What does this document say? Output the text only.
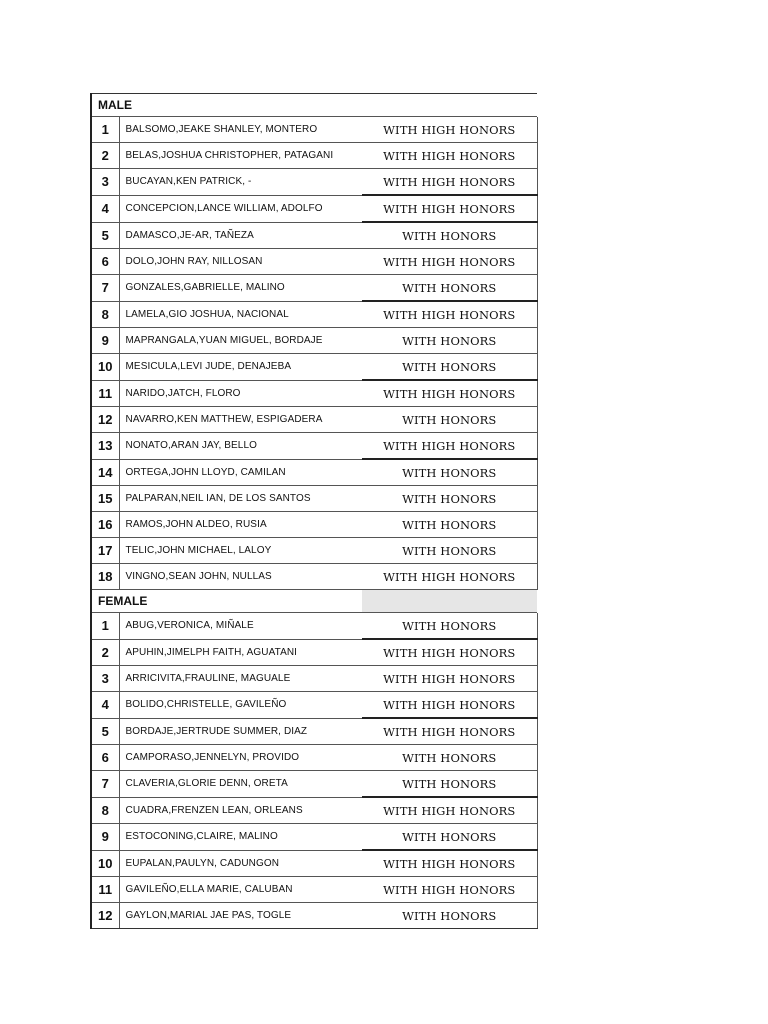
MALE		
1	BALSOMO,JEAKE SHANLEY, MONTERO	WITH HIGH HONORS
2	BELAS,JOSHUA CHRISTOPHER, PATAGANI	WITH HIGH HONORS
3	BUCAYAN,KEN PATRICK, -	WITH HIGH HONORS
4	CONCEPCION,LANCE WILLIAM, ADOLFO	WITH HIGH HONORS
5	DAMASCO,JE-AR, TAÑEZA	WITH HONORS
6	DOLO,JOHN RAY, NILLOSAN	WITH HIGH HONORS
7	GONZALES,GABRIELLE, MALINO	WITH HONORS
8	LAMELA,GIO JOSHUA, NACIONAL	WITH HIGH HONORS
9	MAPRANGALA,YUAN MIGUEL, BORDAJE	WITH HONORS
10	MESICULA,LEVI JUDE, DENAJEBA	WITH HONORS
11	NARIDO,JATCH, FLORO	WITH HIGH HONORS
12	NAVARRO,KEN MATTHEW, ESPIGADERA	WITH HONORS
13	NONATO,ARAN JAY, BELLO	WITH HIGH HONORS
14	ORTEGA,JOHN LLOYD, CAMILAN	WITH HONORS
15	PALPARAN,NEIL IAN, DE LOS SANTOS	WITH HONORS
16	RAMOS,JOHN ALDEO, RUSIA	WITH HONORS
17	TELIC,JOHN MICHAEL, LALOY	WITH HONORS
18	VINGNO,SEAN JOHN, NULLAS	WITH HIGH HONORS
FEMALE		
1	ABUG,VERONICA, MIÑALE	WITH HONORS
2	APUHIN,JIMELPH FAITH, AGUATANI	WITH HIGH HONORS
3	ARRICIVITA,FRAULINE, MAGUALE	WITH HIGH HONORS
4	BOLIDO,CHRISTELLE, GAVILEÑO	WITH HIGH HONORS
5	BORDAJE,JERTRUDE SUMMER, DIAZ	WITH HIGH HONORS
6	CAMPORASO,JENNELYN, PROVIDO	WITH HONORS
7	CLAVERIA,GLORIE DENN, ORETA	WITH HONORS
8	CUADRA,FRENZEN LEAN, ORLEANS	WITH HIGH HONORS
9	ESTOCONING,CLAIRE, MALINO	WITH HONORS
10	EUPALAN,PAULYN, CADUNGON	WITH HIGH HONORS
11	GAVILEÑO,ELLA MARIE, CALUBAN	WITH HIGH HONORS
12	GAYLON,MARIAL JAE PAS, TOGLE	WITH HONORS
